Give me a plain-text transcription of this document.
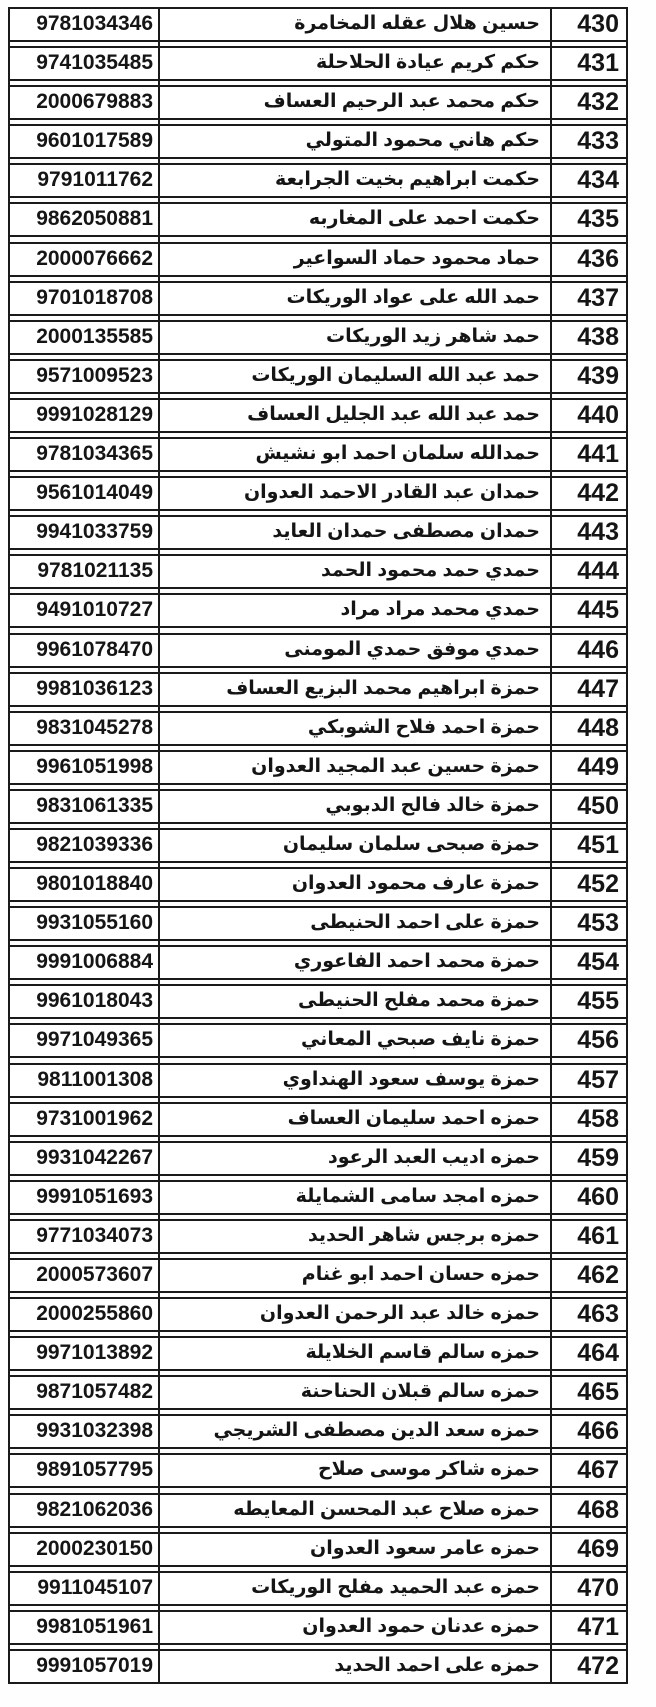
9781034346	حسين هلال عقله المخامرة	430
9741035485	حكم كريم عيادة الحلاحلة	431
2000679883	حكم محمد عبد الرحيم العساف	432
9601017589	حكم هاني محمود المتولي	433
9791011762	حكمت ابراهيم بخيت الجرابعة	434
9862050881	حكمت احمد على المغاربه	435
2000076662	حماد محمود حماد السواعير	436
9701018708	حمد الله على عواد الوريكات	437
2000135585	حمد شاهر زيد الوريكات	438
9571009523	حمد عبد الله السليمان الوريكات	439
9991028129	حمد عبد الله عبد الجليل العساف	440
9781034365	حمدالله سلمان احمد ابو نشيش	441
9561014049	حمدان عبد القادر الاحمد العدوان	442
9941033759	حمدان مصطفى حمدان العايد	443
9781021135	حمدي حمد محمود الحمد	444
9491010727	حمدي محمد مراد مراد	445
9961078470	حمدي موفق حمدي المومنى	446
9981036123	حمزة ابراهيم محمد البزيع العساف	447
9831045278	حمزة احمد فلاح الشوبكي	448
9961051998	حمزة حسين عبد المجيد العدوان	449
9831061335	حمزة خالد فالح الدبوبي	450
9821039336	حمزة صبحى سلمان سليمان	451
9801018840	حمزة عارف محمود العدوان	452
9931055160	حمزة على احمد الحنيطى	453
9991006884	حمزة محمد احمد الفاعوري	454
9961018043	حمزة محمد مفلح الحنيطى	455
9971049365	حمزة نايف صبحي المعاني	456
9811001308	حمزة يوسف سعود الهنداوي	457
9731001962	حمزه احمد سليمان العساف	458
9931042267	حمزه اديب العبد الرعود	459
9991051693	حمزه امجد سامى الشمايلة	460
9771034073	حمزه برجس شاهر الحديد	461
2000573607	حمزه حسان احمد ابو غنام	462
2000255860	حمزه خالد عبد الرحمن العدوان	463
9971013892	حمزه سالم قاسم الخلايلة	464
9871057482	حمزه سالم قبلان الحناحنة	465
9931032398	حمزه سعد الدين مصطفى الشريجي	466
9891057795	حمزه شاكر موسى صلاح	467
9821062036	حمزه صلاح عبد المحسن المعايطه	468
2000230150	حمزه عامر سعود العدوان	469
9911045107	حمزه عبد الحميد مفلح الوريكات	470
9981051961	حمزه عدنان حمود العدوان	471
9991057019	حمزه على احمد الحديد	472
